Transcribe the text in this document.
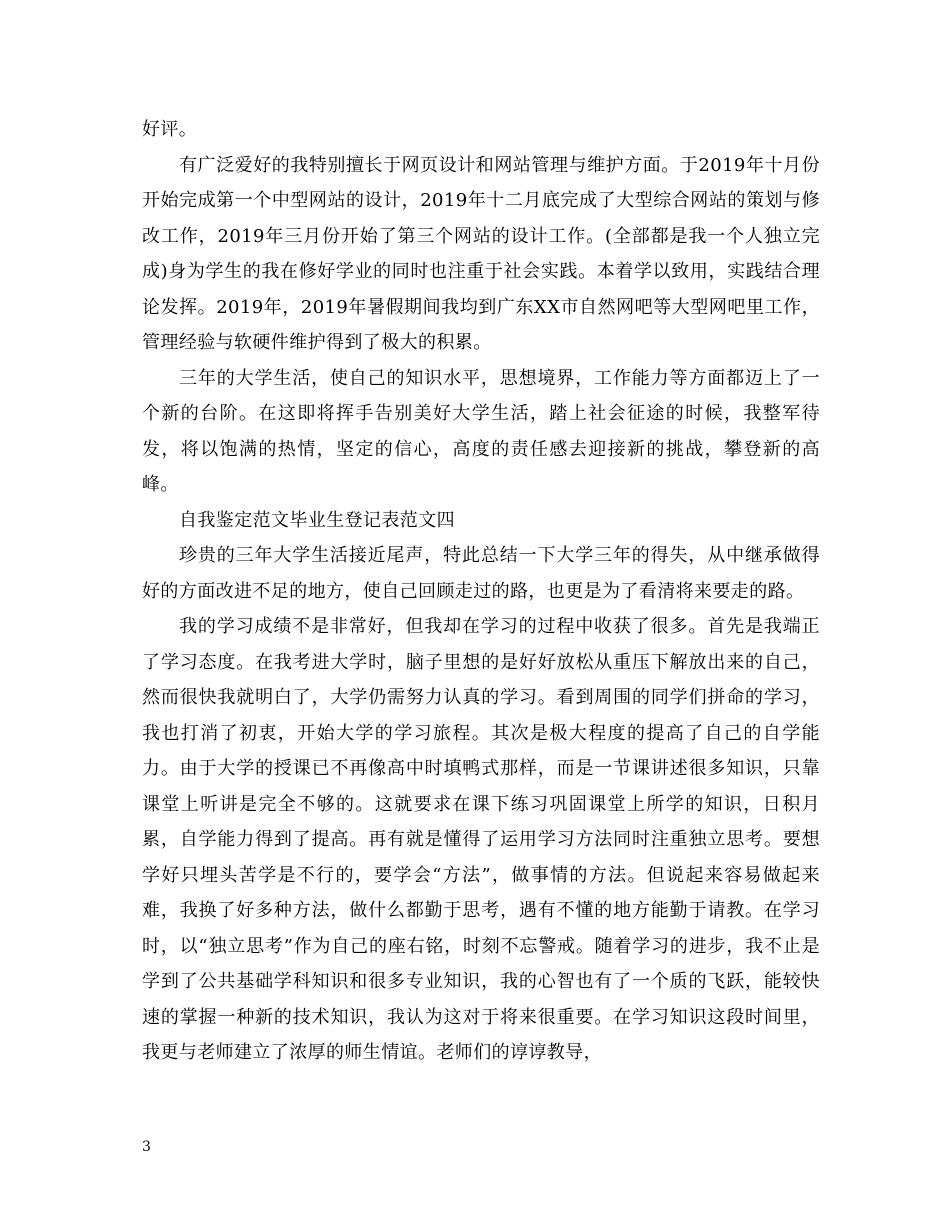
好评。

有广泛爱好的我特别擅长于网页设计和网站管理与维护方面。于2019年十月份开始完成第一个中型网站的设计，2019年十二月底完成了大型综合网站的策划与修改工作，2019年三月份开始了第三个网站的设计工作。(全部都是我一个人独立完成)身为学生的我在修好学业的同时也注重于社会实践。本着学以致用，实践结合理论发挥。2019年，2019年暑假期间我均到广东XX市自然网吧等大型网吧里工作，管理经验与软硬件维护得到了极大的积累。

三年的大学生活，使自己的知识水平，思想境界，工作能力等方面都迈上了一个新的台阶。在这即将挥手告别美好大学生活，踏上社会征途的时候，我整军待发，将以饱满的热情，坚定的信心，高度的责任感去迎接新的挑战，攀登新的高峰。

自我鉴定范文毕业生登记表范文四

珍贵的三年大学生活接近尾声，特此总结一下大学三年的得失，从中继承做得好的方面改进不足的地方，使自己回顾走过的路，也更是为了看清将来要走的路。

我的学习成绩不是非常好，但我却在学习的过程中收获了很多。首先是我端正了学习态度。在我考进大学时，脑子里想的是好好放松从重压下解放出来的自己，然而很快我就明白了，大学仍需努力认真的学习。看到周围的同学们拼命的学习，我也打消了初衷，开始大学的学习旅程。其次是极大程度的提高了自己的自学能力。由于大学的授课已不再像高中时填鸭式那样，而是一节课讲述很多知识，只靠课堂上听讲是完全不够的。这就要求在课下练习巩固课堂上所学的知识，日积月累，自学能力得到了提高。再有就是懂得了运用学习方法同时注重独立思考。要想学好只埋头苦学是不行的，要学会“方法”，做事情的方法。但说起来容易做起来难，我换了好多种方法，做什么都勤于思考，遇有不懂的地方能勤于请教。在学习时，以“独立思考”作为自己的座右铭，时刻不忘警戒。随着学习的进步，我不止是学到了公共基础学科知识和很多专业知识，我的心智也有了一个质的飞跃，能较快速的掌握一种新的技术知识，我认为这对于将来很重要。在学习知识这段时间里，我更与老师建立了浓厚的师生情谊。老师们的谆谆教导，

3
